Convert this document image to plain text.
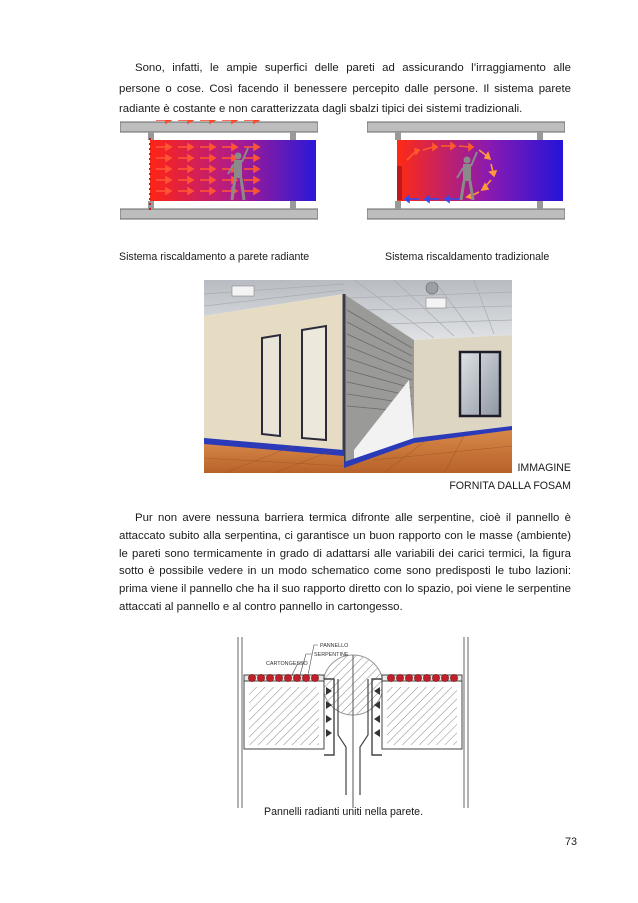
Sono, infatti, le ampie superfici delle pareti ad assicurando l’irraggiamento alle persone o cose. Così facendo il benessere percepito dalle persone. Il sistema parete radiante è costante e non caratterizzata dagli sbalzi tipici dei sistemi tradizionali.

Sistema riscaldamento a parete radiante	Sistema riscaldamento tradizionale
IMMAGINE
FORNITA DALLA FOSAM

Pur non avere nessuna barriera termica difronte alle serpentine, cioè il pannello è attaccato subito alla serpentina, ci garantisce un buon rapporto con le masse (ambiente) le pareti sono termicamente in grado di adattarsi alle variabili dei carici termici, la figura sotto è possibile vedere in un modo schematico come sono predisposti le tubo lazioni: prima viene il pannello che ha il suo rapporto diretto con lo spazio, poi viene le serpentine attaccati al pannello e al contro pannello in cartongesso.

PANNELLO
SERPENTINE
CARTONGESSO
Pannelli radianti uniti nella parete.
73
